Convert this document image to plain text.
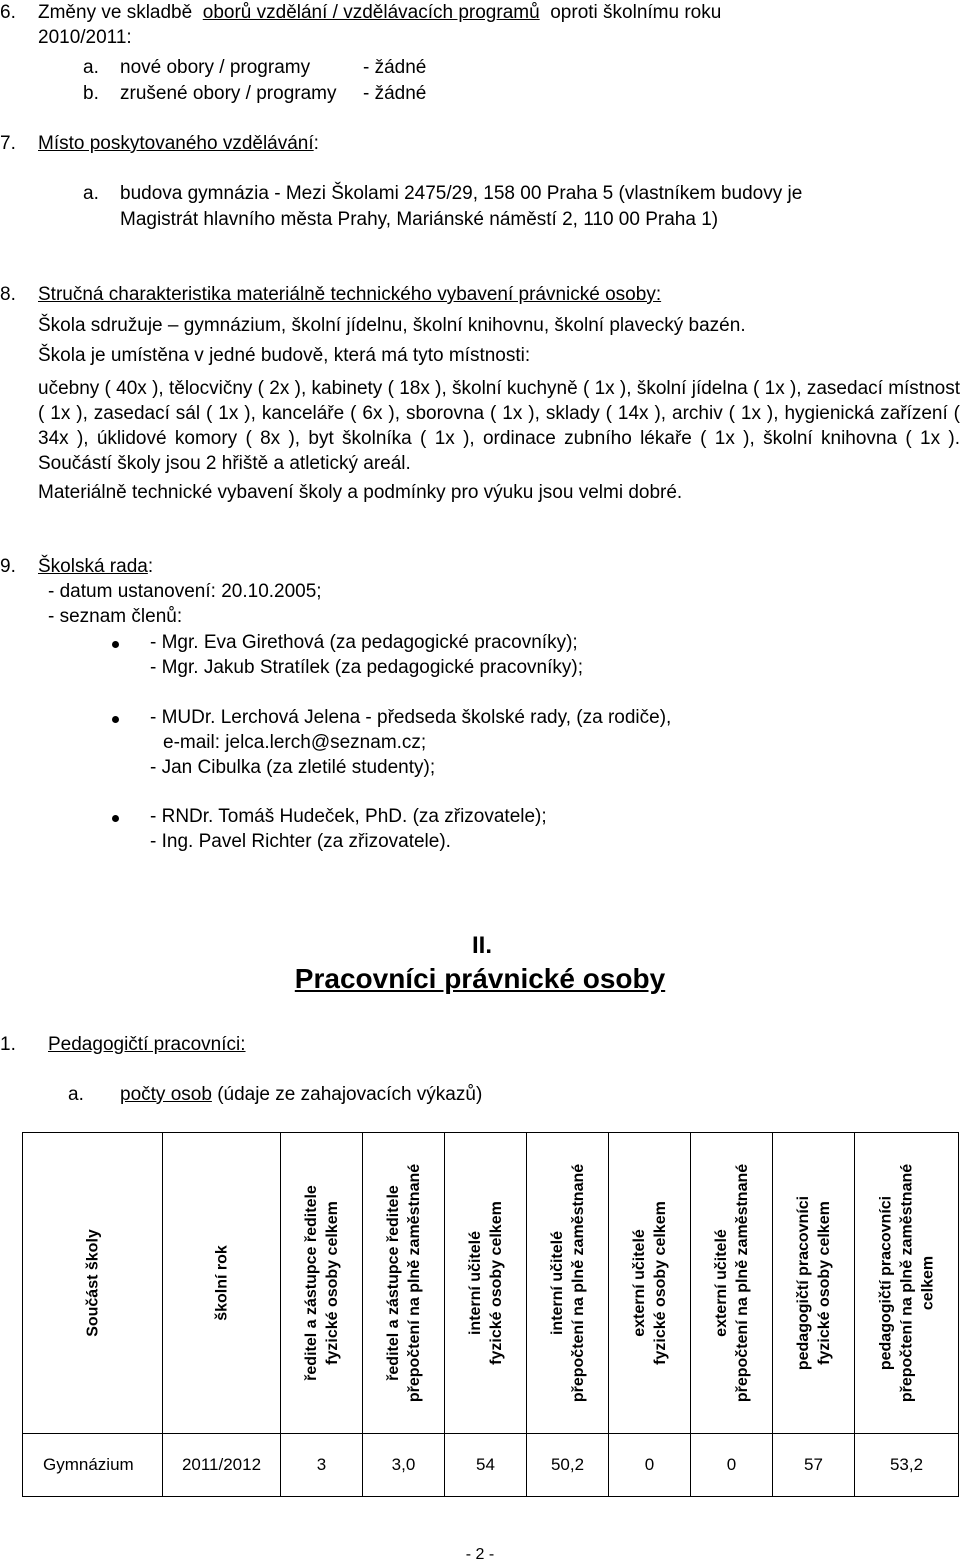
6. Změny ve skladbě oborů vzdělání / vzdělávacích programů oproti školnímu roku
2010/2011:
a. nové obory / programy	- žádné
b. zrušené obory / programy - žádné
7. Místo poskytovaného vzdělávání:
a. budova gymnázia - Mezi Školami 2475/29, 158 00 Praha 5 (vlastníkem budovy je
Magistrát hlavního města Prahy, Mariánské náměstí 2, 110 00 Praha 1)
8. Stručná charakteristika materiálně technického vybavení právnické osoby:
Škola sdružuje – gymnázium, školní jídelnu, školní knihovnu, školní plavecký bazén.
Škola je umístěna v jedné budově, která má tyto místnosti:
učebny ( 40x ), tělocvičny ( 2x ), kabinety ( 18x ), školní kuchyně ( 1x ), školní jídelna ( 1x ), zasedací místnost ( 1x ), zasedací sál ( 1x ), kanceláře ( 6x ), sborovna ( 1x ), sklady ( 14x ), archiv ( 1x ), hygienická zařízení ( 34x ), úklidové komory ( 8x ), byt školníka ( 1x ), ordinace zubního lékaře ( 1x ), školní knihovna ( 1x ). Součástí školy jsou 2 hřiště a atletický areál.
Materiálně technické vybavení školy a podmínky pro výuku jsou velmi dobré.
9. Školská rada:
- datum ustanovení: 20.10.2005;
- seznam členů:
- Mgr. Eva Girethová (za pedagogické pracovníky);
- Mgr. Jakub Stratílek (za pedagogické pracovníky);
- MUDr. Lerchová Jelena - předseda školské rady, (za rodiče),
e-mail: jelca.lerch@seznam.cz;
- Jan Cibulka (za zletilé studenty);
- RNDr. Tomáš Hudeček, PhD. (za zřizovatele);
- Ing. Pavel Richter (za zřizovatele).
II.
Pracovníci právnické osoby
1. Pedagogičtí pracovníci:
a. počty osob (údaje ze zahajovacích výkazů)
Součást školy	školní rok	ředitel a zástupce ředitele fyzické osoby celkem	ředitel a zástupce ředitele přepočtení na plně zaměstnané	interní učitelé fyzické osoby celkem	interní učitelé přepočtení na plně zaměstnané	externí učitelé fyzické osoby celkem	externí učitelé přepočtení na plně zaměstnané	pedagogičtí pracovníci fyzické osoby celkem	pedagogičtí pracovníci přepočtení na plně zaměstnané celkem

Gymnázium	2011/2012	3	3,0	54	50,2	0	0	57	53,2
- 2 -
